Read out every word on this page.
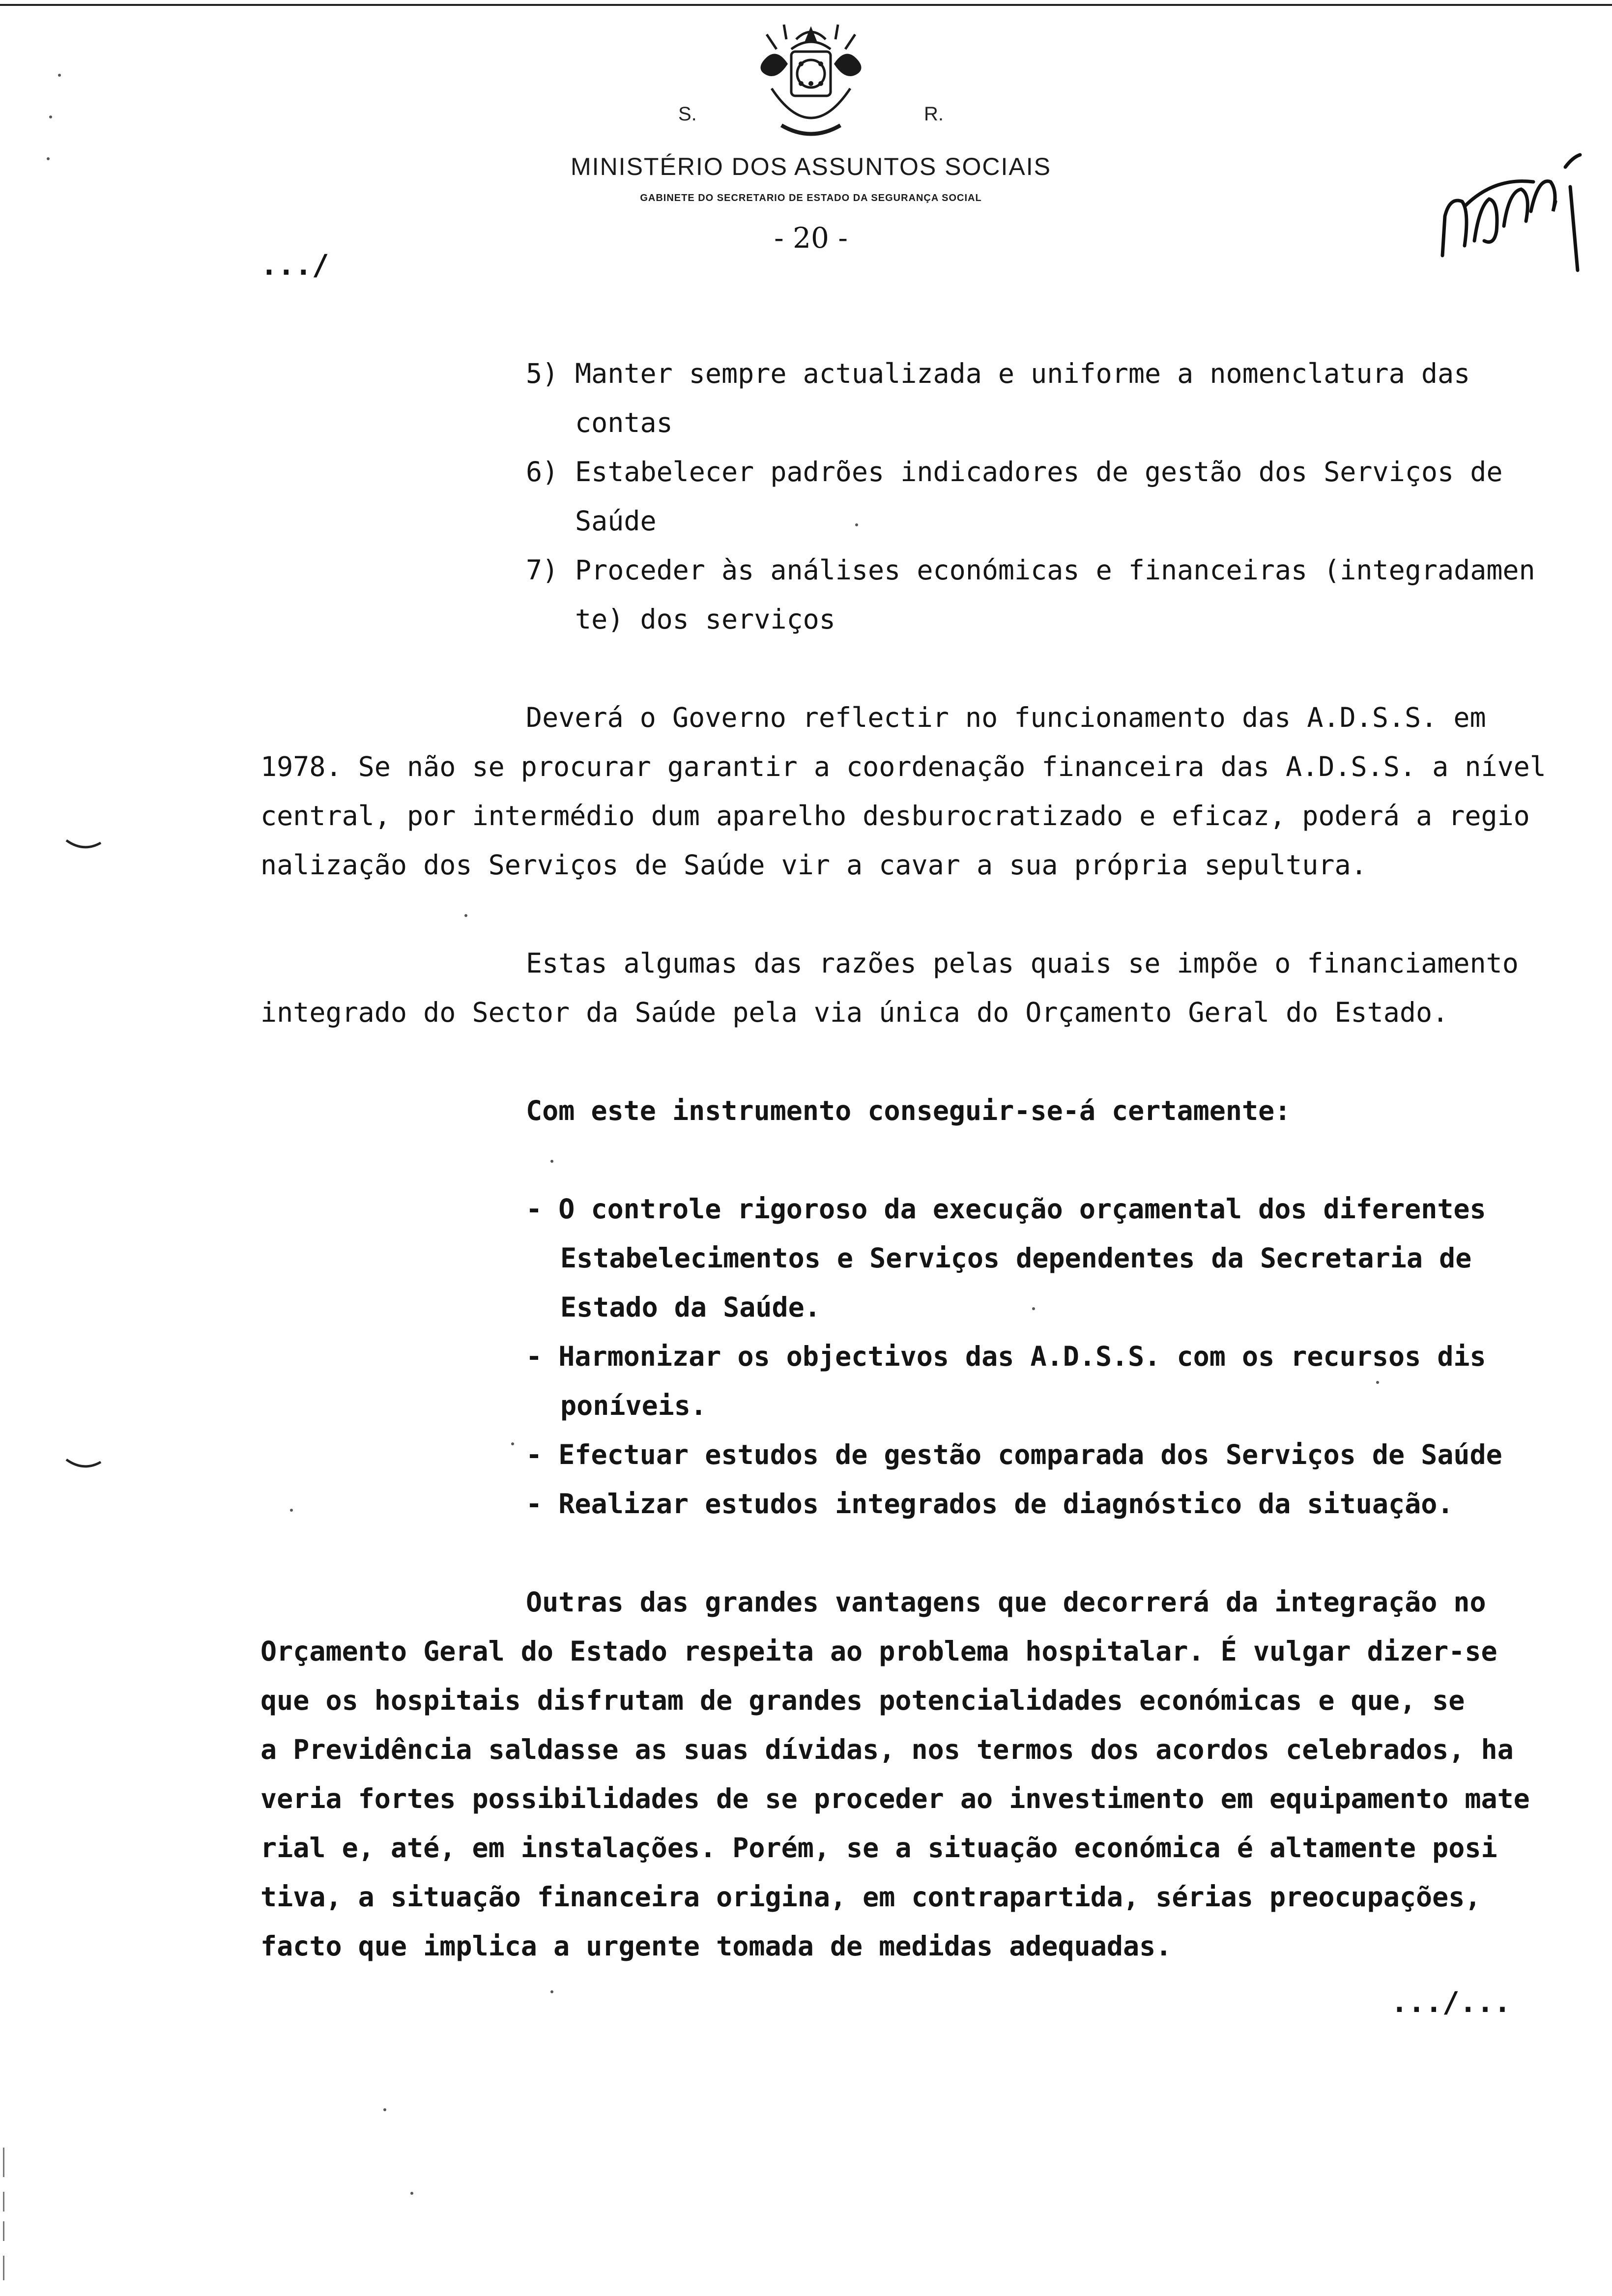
S.	R.
MINISTÉRIO DOS ASSUNTOS SOCIAIS
GABINETE DO SECRETARIO DE ESTADO DA SEGURANÇA SOCIAL
- 20 -
.../
5) Manter sempre actualizada e uniforme a nomenclatura das
contas
6) Estabelecer padrões indicadores de gestão dos Serviços de
Saúde
7) Proceder às análises económicas e financeiras (integradamen
te) dos serviços
Deverá o Governo reflectir no funcionamento das A.D.S.S. em
1978. Se não se procurar garantir a coordenação financeira das A.D.S.S. a nível
central, por intermédio dum aparelho desburocratizado e eficaz, poderá a regio
nalização dos Serviços de Saúde vir a cavar a sua própria sepultura.
Estas algumas das razões pelas quais se impõe o financiamento
integrado do Sector da Saúde pela via única do Orçamento Geral do Estado.
Com este instrumento conseguir-se-á certamente:
- O controle rigoroso da execução orçamental dos diferentes
Estabelecimentos e Serviços dependentes da Secretaria de
Estado da Saúde.
- Harmonizar os objectivos das A.D.S.S. com os recursos dis
poníveis.
- Efectuar estudos de gestão comparada dos Serviços de Saúde
- Realizar estudos integrados de diagnóstico da situação.
Outras das grandes vantagens que decorrerá da integração no
Orçamento Geral do Estado respeita ao problema hospitalar. É vulgar dizer-se
que os hospitais disfrutam de grandes potencialidades económicas e que, se
a Previdência saldasse as suas dívidas, nos termos dos acordos celebrados, ha
veria fortes possibilidades de se proceder ao investimento em equipamento mate
rial e, até, em instalações. Porém, se a situação económica é altamente posi
tiva, a situação financeira origina, em contrapartida, sérias preocupações,
facto que implica a urgente tomada de medidas adequadas.
.../...
